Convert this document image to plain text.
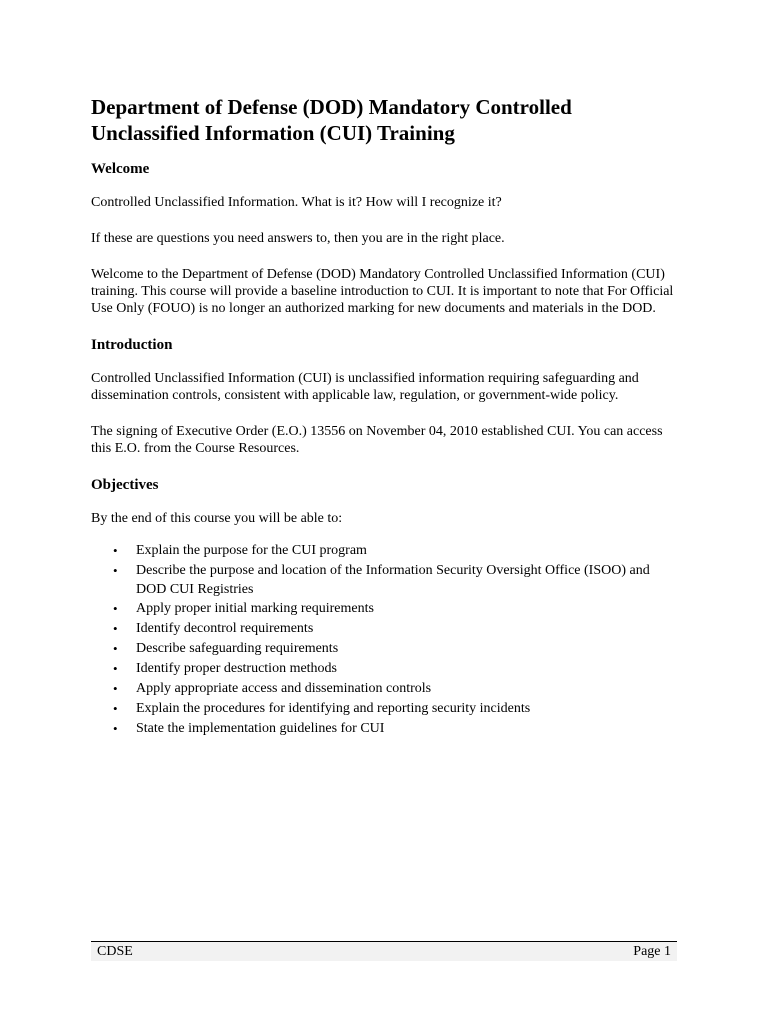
Department of Defense (DOD) Mandatory Controlled Unclassified Information (CUI) Training
Welcome

Controlled Unclassified Information. What is it? How will I recognize it?

If these are questions you need answers to, then you are in the right place.

Welcome to the Department of Defense (DOD) Mandatory Controlled Unclassified Information (CUI) training. This course will provide a baseline introduction to CUI. It is important to note that For Official Use Only (FOUO) is no longer an authorized marking for new documents and materials in the DOD.

Introduction

Controlled Unclassified Information (CUI) is unclassified information requiring safeguarding and dissemination controls, consistent with applicable law, regulation, or government-wide policy.

The signing of Executive Order (E.O.) 13556 on November 04, 2010 established CUI. You can access this E.O. from the Course Resources.

Objectives

By the end of this course you will be able to:

• Explain the purpose for the CUI program
• Describe the purpose and location of the Information Security Oversight Office (ISOO) and DOD CUI Registries
• Apply proper initial marking requirements
• Identify decontrol requirements
• Describe safeguarding requirements
• Identify proper destruction methods
• Apply appropriate access and dissemination controls
• Explain the procedures for identifying and reporting security incidents
• State the implementation guidelines for CUI
CDSE	Page 1
